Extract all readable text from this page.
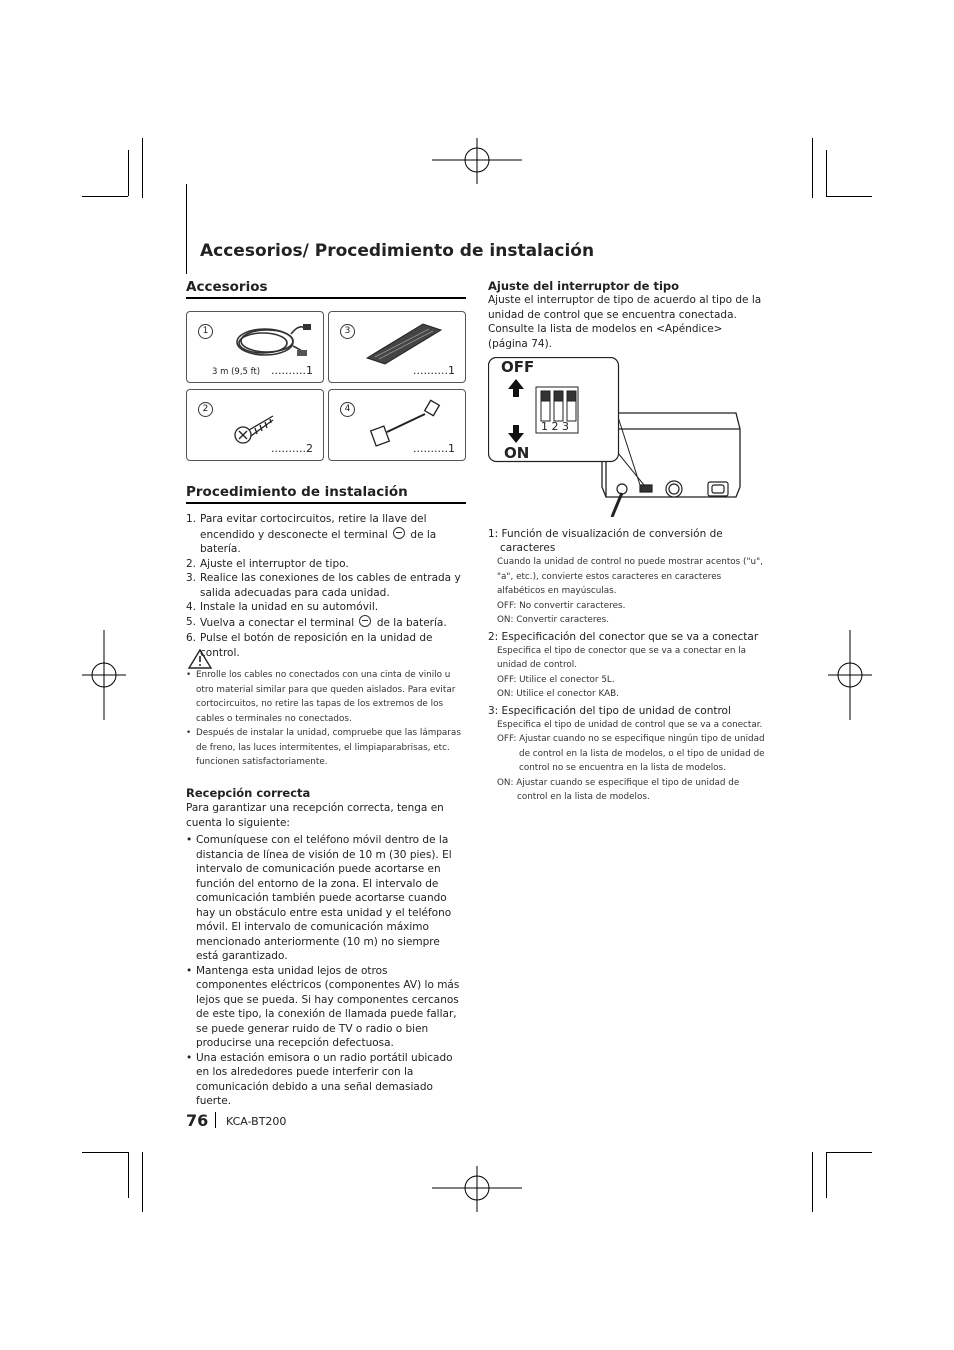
Accesorios/ Procedimiento de instalación
Accesorios
1
3 m (9,5 ft) ..........1
3
..........1
2
..........2
4
..........1
Procedimiento de instalación
1. Para evitar cortocircuitos, retire la llave del encendido y desconecte el terminal de la batería.
2. Ajuste el interruptor de tipo.
3. Realice las conexiones de los cables de entrada y salida adecuadas para cada unidad.
4. Instale la unidad en su automóvil.
5. Vuelva a conectar el terminal de la batería.
6. Pulse el botón de reposición en la unidad de control.
• Enrolle los cables no conectados con una cinta de vinilo u otro material similar para que queden aislados. Para evitar cortocircuitos, no retire las tapas de los extremos de los cables o terminales no conectados.
• Después de instalar la unidad, compruebe que las lámparas de freno, las luces intermitentes, el limpiaparabrisas, etc. funcionen satisfactoriamente.
Recepción correcta
Para garantizar una recepción correcta, tenga en cuenta lo siguiente:
• Comuníquese con el teléfono móvil dentro de la distancia de línea de visión de 10 m (30 pies). El intervalo de comunicación puede acortarse en función del entorno de la zona. El intervalo de comunicación también puede acortarse cuando hay un obstáculo entre esta unidad y el teléfono móvil. El intervalo de comunicación máximo mencionado anteriormente (10 m) no siempre está garantizado.
• Mantenga esta unidad lejos de otros componentes eléctricos (componentes AV) lo más lejos que se pueda. Si hay componentes cercanos de este tipo, la conexión de llamada puede fallar, se puede generar ruido de TV o radio o bien producirse una recepción defectuosa.
• Una estación emisora o un radio portátil ubicado en los alrededores puede interferir con la comunicación debido a una señal demasiado fuerte.
Ajuste del interruptor de tipo
Ajuste el interruptor de tipo de acuerdo al tipo de la unidad de control que se encuentra conectada. Consulte la lista de modelos en <Apéndice> (página 74).
OFF
ON
1 2 3
1: Función de visualización de conversión de
caracteres
Cuando la unidad de control no puede mostrar acentos ("u", "a", etc.), convierte estos caracteres en caracteres alfabéticos en mayúsculas.
OFF: No convertir caracteres.
ON: Convertir caracteres.
2: Especificación del conector que se va a conectar
Especifica el tipo de conector que se va a conectar en la unidad de control.
OFF: Utilice el conector 5L.
ON: Utilice el conector KAB.
3: Especificación del tipo de unidad de control
Especifica el tipo de unidad de control que se va a conectar.
OFF: Ajustar cuando no se especifique ningún tipo de unidad de control en la lista de modelos, o el tipo de unidad de control no se encuentra en la lista de modelos.
ON: Ajustar cuando se especifique el tipo de unidad de control en la lista de modelos.
76 KCA-BT200
